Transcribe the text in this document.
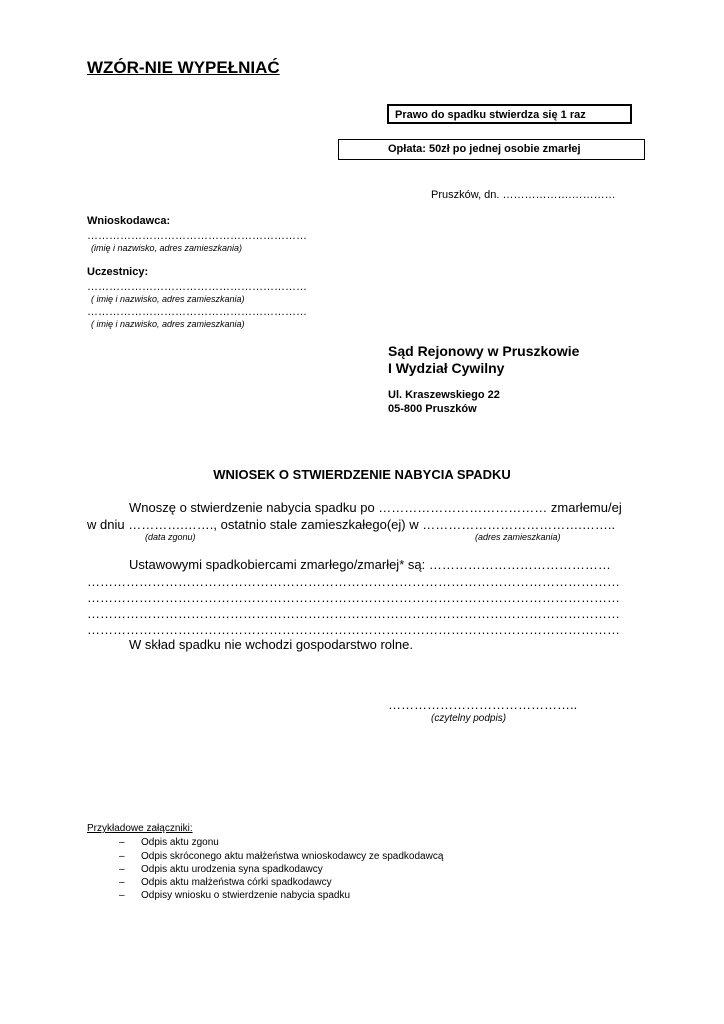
WZÓR-NIE WYPEŁNIAĆ
Prawo do spadku stwierdza się 1 raz
Opłata: 50zł po jednej osobie zmarłej
Pruszków, dn. ……………….…………
Wnioskodawca:
……………………………………………………
(imię i nazwisko, adres zamieszkania)
Uczestnicy:
……………………………………………………
( imię i nazwisko, adres zamieszkania)
……………………………………………………
( imię i nazwisko, adres zamieszkania)
Sąd Rejonowy w Pruszkowie
I Wydział Cywilny
Ul. Kraszewskiego 22
05-800 Pruszków
WNIOSEK O STWIERDZENIE NABYCIA SPADKU
Wnoszę o stwierdzenie nabycia spadku po ………………………………… zmarłemu/ej
w dniu ………….……., ostatnio stale zamieszkałego(ej) w ……………………………….……..
(data zgonu)	(adres zamieszkania)
Ustawowymi spadkobiercami zmarłego/zmarłej* są: ……………………………………
……………………………………………………………………………………………………………
……………………………………………………………………………………………………………
……………………………………………………………………………………………………………
……………………………………………………………………………………………………………
W skład spadku nie wchodzi gospodarstwo rolne.
……………………………………..
(czytelny podpis)
Przykładowe załączniki:
– Odpis aktu zgonu
– Odpis skróconego aktu małżeństwa wnioskodawcy ze spadkodawcą
– Odpis aktu urodzenia syna spadkodawcy
– Odpis aktu małżeństwa córki spadkodawcy
– Odpisy wniosku o stwierdzenie nabycia spadku
